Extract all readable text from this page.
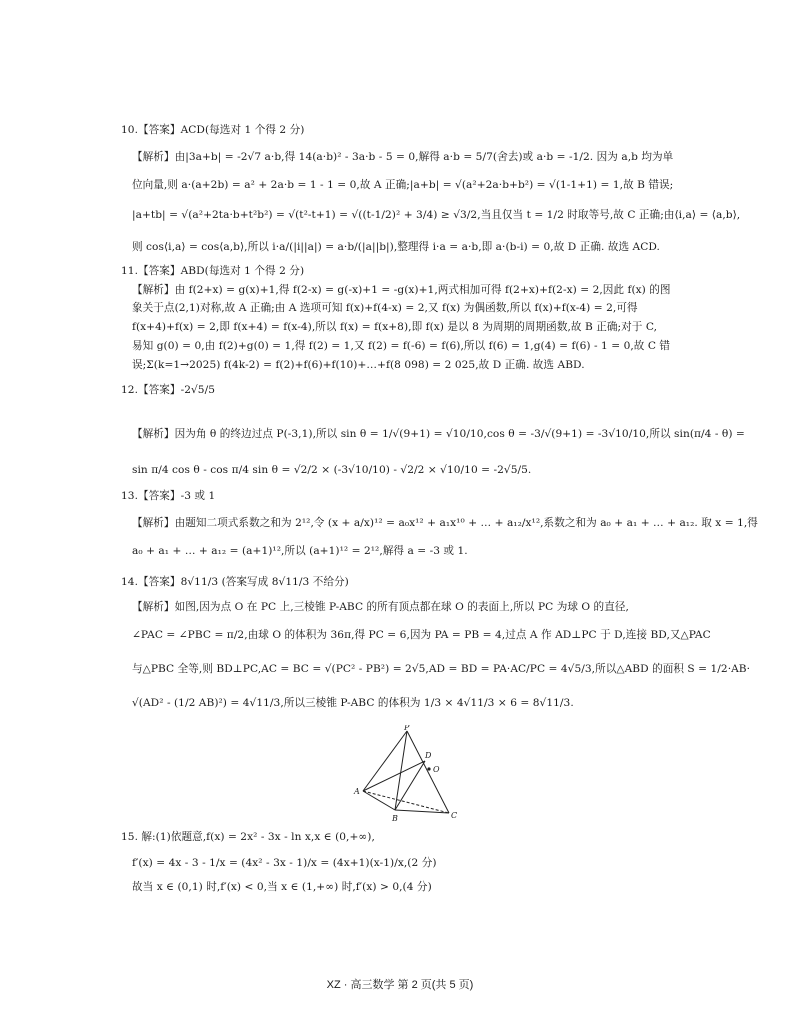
10.【答案】ACD(每选对 1 个得 2 分)
【解析】由|3a+b| = -2√7 a·b,得 14(a·b)² - 3a·b - 5 = 0,解得 a·b = 5/7(舍去)或 a·b = -1/2. 因为 a,b 均为单
位向量,则 a·(a+2b) = a² + 2a·b = 1 - 1 = 0,故 A 正确;|a+b| = √(a²+2a·b+b²) = √(1-1+1) = 1,故 B 错误;
|a+tb| = √(a²+2ta·b+t²b²) = √(t²-t+1) = √((t-1/2)² + 3/4) ≥ √3/2,当且仅当 t = 1/2 时取等号,故 C 正确;由⟨i,a⟩ = ⟨a,b⟩,
则 cos⟨i,a⟩ = cos⟨a,b⟩,所以 i·a/(|i||a|) = a·b/(|a||b|),整理得 i·a = a·b,即 a·(b-i) = 0,故 D 正确. 故选 ACD.
11.【答案】ABD(每选对 1 个得 2 分)
【解析】由 f(2+x) = g(x)+1,得 f(2-x) = g(-x)+1 = -g(x)+1,两式相加可得 f(2+x)+f(2-x) = 2,因此 f(x) 的图
象关于点(2,1)对称,故 A 正确;由 A 选项可知 f(x)+f(4-x) = 2,又 f(x) 为偶函数,所以 f(x)+f(x-4) = 2,可得
f(x+4)+f(x) = 2,即 f(x+4) = f(x-4),所以 f(x) = f(x+8),即 f(x) 是以 8 为周期的周期函数,故 B 正确;对于 C,
易知 g(0) = 0,由 f(2)+g(0) = 1,得 f(2) = 1,又 f(2) = f(-6) = f(6),所以 f(6) = 1,g(4) = f(6) - 1 = 0,故 C 错
误;Σ(k=1→2025) f(4k-2) = f(2)+f(6)+f(10)+…+f(8 098) = 2 025,故 D 正确. 故选 ABD.
12.【答案】-2√5/5
【解析】因为角 θ 的终边过点 P(-3,1),所以 sin θ = 1/√(9+1) = √10/10,cos θ = -3/√(9+1) = -3√10/10,所以 sin(π/4 - θ) =
sin π/4 cos θ - cos π/4 sin θ = √2/2 × (-3√10/10) - √2/2 × √10/10 = -2√5/5.
13.【答案】-3 或 1
【解析】由题知二项式系数之和为 2¹²,令 (x + a/x)¹² = a₀x¹² + a₁x¹⁰ + … + a₁₂/x¹²,系数之和为 a₀ + a₁ + … + a₁₂. 取 x = 1,得
a₀ + a₁ + … + a₁₂ = (a+1)¹²,所以 (a+1)¹² = 2¹²,解得 a = -3 或 1.
14.【答案】8√11/3 (答案写成 8√11/3 不给分)
【解析】如图,因为点 O 在 PC 上,三棱锥 P-ABC 的所有顶点都在球 O 的表面上,所以 PC 为球 O 的直径,
∠PAC = ∠PBC = π/2,由球 O 的体积为 36π,得 PC = 6,因为 PA = PB = 4,过点 A 作 AD⊥PC 于 D,连接 BD,又△PAC
与△PBC 全等,则 BD⊥PC,AC = BC = √(PC² - PB²) = 2√5,AD = BD = PA·AC/PC = 4√5/3,所以△ABD 的面积 S = 1/2·AB·
√(AD² - (1/2 AB)²) = 4√11/3,所以三棱锥 P-ABC 的体积为 1/3 × 4√11/3 × 6 = 8√11/3.
P
D
O
A
B	C
15. 解:(1)依题意,f(x) = 2x² - 3x - ln x,x ∈ (0,+∞),
f′(x) = 4x - 3 - 1/x = (4x² - 3x - 1)/x = (4x+1)(x-1)/x,(2 分)
故当 x ∈ (0,1) 时,f′(x) < 0,当 x ∈ (1,+∞) 时,f′(x) > 0,(4 分)
XZ · 高三数学 第 2 页(共 5 页)
